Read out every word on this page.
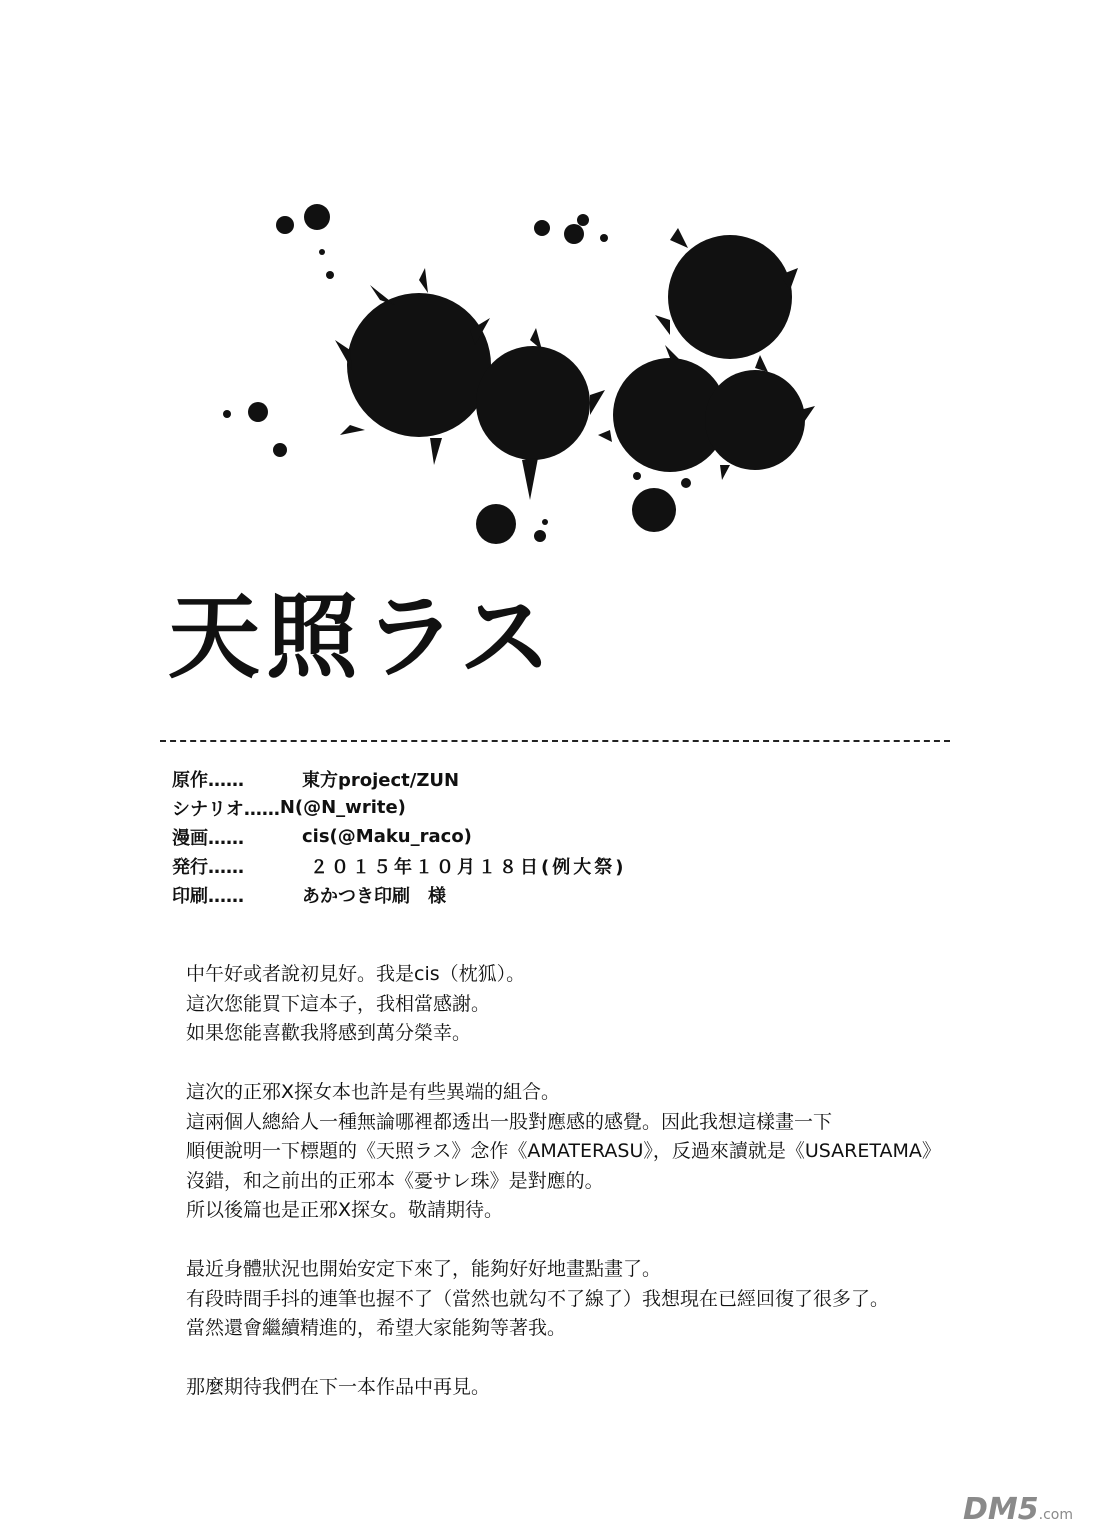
天照ラス
原作……	東方project/ZUN
シナリオ…… N(@N_write)
漫画……	cis(@Maku_raco)
発行……	２０１５年１０月１８日(例大祭)
印刷……	あかつき印刷　様
中午好或者說初見好。我是cis（枕狐）。
這次您能買下這本子，我相當感謝。
如果您能喜歡我將感到萬分榮幸。
這次的正邪X探女本也許是有些異端的組合。
這兩個人總給人一種無論哪裡都透出一股對應感的感覺。因此我想這樣畫一下
順便說明一下標題的《天照ラス》念作《AMATERASU》，反過來讀就是《USARETAMA》
沒錯，和之前出的正邪本《憂サレ珠》是對應的。
所以後篇也是正邪X探女。敬請期待。
最近身體狀況也開始安定下來了，能夠好好地畫點畫了。
有段時間手抖的連筆也握不了（當然也就勾不了線了）我想現在已經回復了很多了。
當然還會繼續精進的，希望大家能夠等著我。
那麼期待我們在下一本作品中再見。
DM5.com
